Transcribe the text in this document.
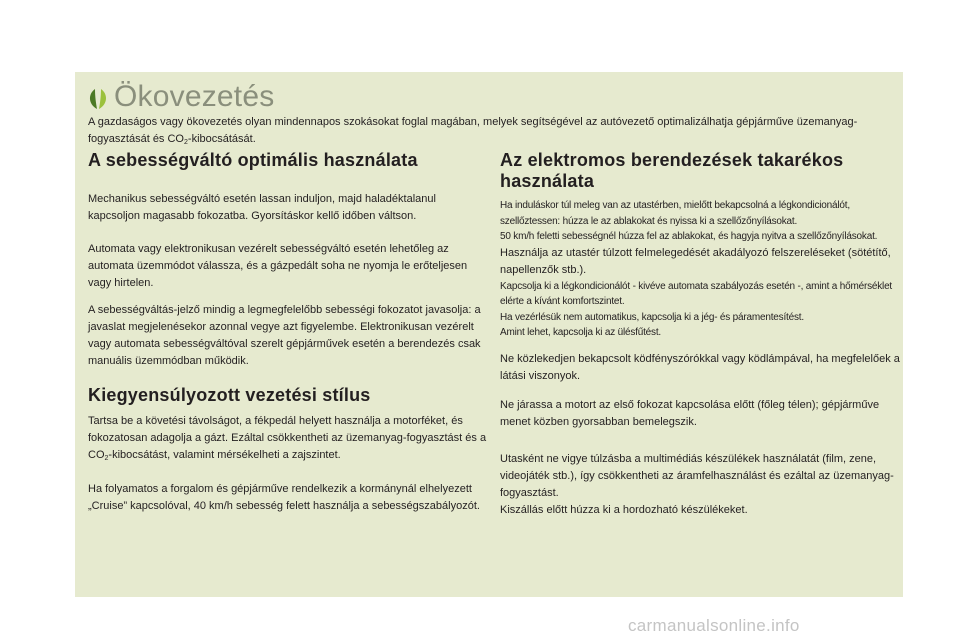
Ökovezetés
A gazdaságos vagy ökovezetés olyan mindennapos szokásokat foglal magában, melyek segítségével az autóvezető optimalizálhatja gépjárműve üzemanyag-fogyasztását és $CO_2$-kibocsátását.
A sebességváltó optimális használata

Mechanikus sebességváltó esetén lassan induljon, majd haladéktalanul kapcsoljon magasabb fokozatba. Gyorsításkor kellő időben váltson.

Automata vagy elektronikusan vezérelt sebességváltó esetén lehetőleg az automata üzemmódot válassza, és a gázpedált soha ne nyomja le erőteljesen vagy hirtelen.

A sebességváltás-jelző mindig a legmegfelelőbb sebességi fokozatot javasolja: a javaslat megjelenésekor azonnal vegye azt figyelembe. Elektronikusan vezérelt vagy automata sebességváltóval szerelt gépjárművek esetén a berendezés csak manuális üzemmódban működik.

Kiegyensúlyozott vezetési stílus

Tartsa be a követési távolságot, a fékpedál helyett használja a motorféket, és fokozatosan adagolja a gázt. Ezáltal csökkentheti az üzemanyag-fogyasztást és a $CO_2$-kibocsátást, valamint mérsékelheti a zajszintet.

Ha folyamatos a forgalom és gépjárműve rendelkezik a kormánynál elhelyezett „Cruise” kapcsolóval, 40 km/h sebesség felett használja a sebességszabályozót.

Az elektromos berendezések takarékos használata

Ha induláskor túl meleg van az utastérben, mielőtt bekapcsolná a légkondicionálót, szellőztessen: húzza le az ablakokat és nyissa ki a szellőzőnyílásokat.

50 km/h feletti sebességnél húzza fel az ablakokat, és hagyja nyitva a szellőzőnyílásokat.

Használja az utastér túlzott felmelegedését akadályozó felszereléseket (sötétítő, napellenzők stb.).

Kapcsolja ki a légkondicionálót - kivéve automata szabályozás esetén -, amint a hőmérséklet elérte a kívánt komfortszintet.

Ha vezérlésük nem automatikus, kapcsolja ki a jég- és páramentesítést.

Amint lehet, kapcsolja ki az ülésfűtést.

Ne közlekedjen bekapcsolt ködfényszórókkal vagy ködlámpával, ha megfelelőek a látási viszonyok.

Ne járassa a motort az első fokozat kapcsolása előtt (főleg télen); gépjárműve menet közben gyorsabban bemelegszik.

Utasként ne vigye túlzásba a multimédiás készülékek használatát (film, zene, videojáték stb.), így csökkentheti az áramfelhasználást és ezáltal az üzemanyag-fogyasztást.

Kiszállás előtt húzza ki a hordozható készülékeket.

carmanualsonline.info
